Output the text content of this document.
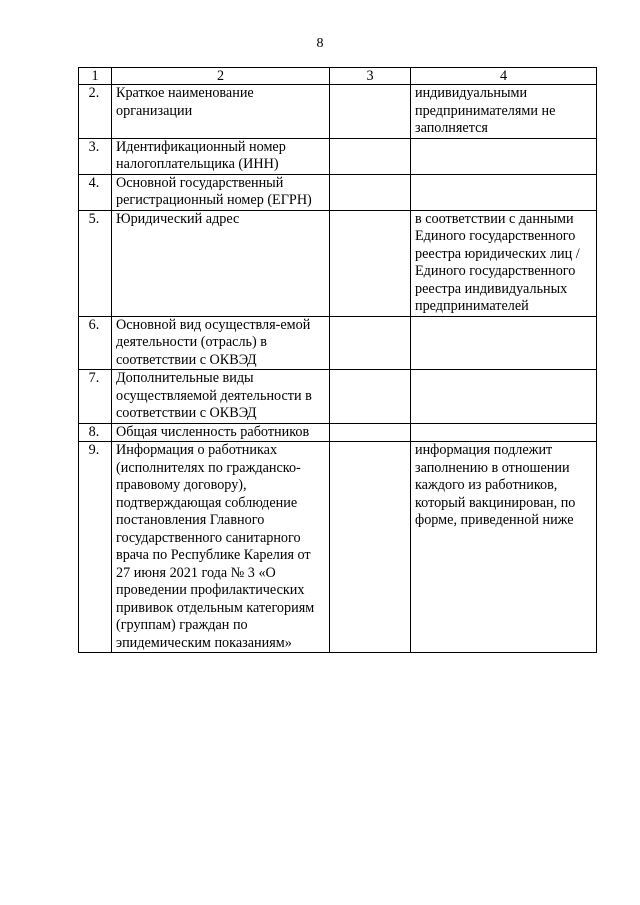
8
1	2	3	4
2.	Краткое наименование организации		индивидуальными предпринимателями не заполняется
3.	Идентификационный номер налогоплательщика (ИНН)		
4.	Основной государственный регистрационный номер (ЕГРН)		
5.	Юридический адрес		в соответствии с данными Единого государственного реестра юридических лиц /Единого государственного реестра индивидуальных предпринимателей
6.	Основной вид осуществля-емой деятельности (отрасль) в соответствии с ОКВЭД		
7.	Дополнительные виды осуществляемой деятельности в соответствии с ОКВЭД		
8.	Общая численность работников		
9.	Информация о работниках (исполнителях по гражданско-правовому договору), подтверждающая соблюдение постановления Главного государственного санитарного врача по Республике Карелия от 27 июня 2021 года № 3 «О проведении профилактических прививок отдельным категориям (группам) граждан по эпидемическим показаниям»		информация подлежит заполнению в отношении каждого из работников, который вакцинирован, по форме, приведенной ниже
